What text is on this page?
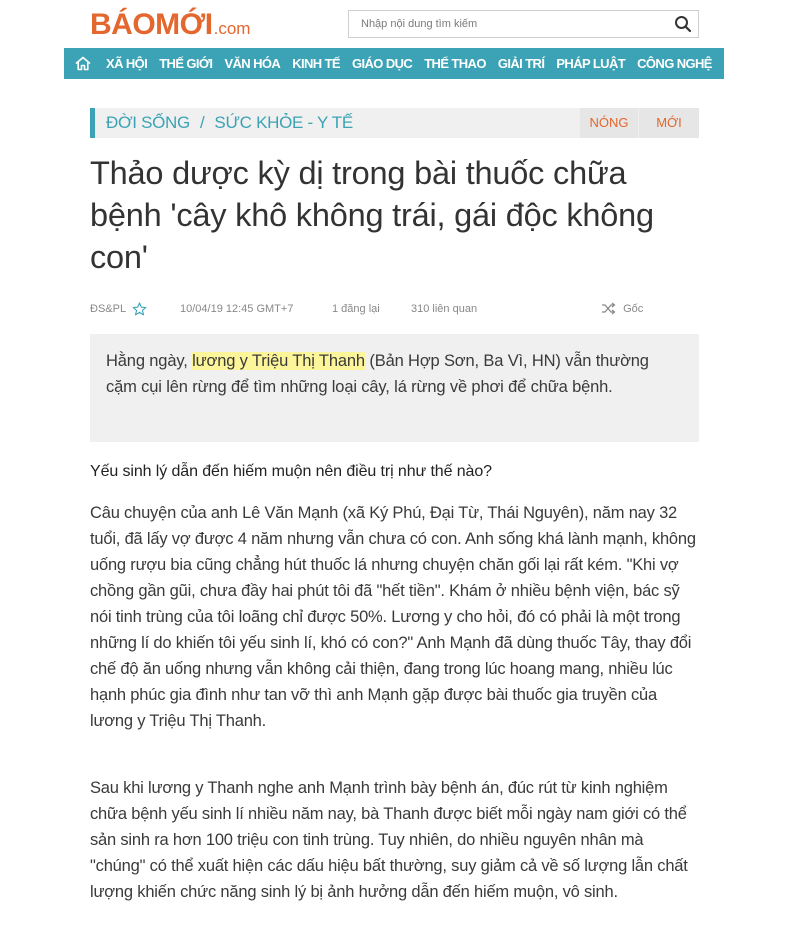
BÁOMỚI .com
Nhập nội dung tìm kiếm
XÃ HỘI THẾ GIỚI VĂN HÓA KINH TẾ GIÁO DỤC THỂ THAO GIẢI TRÍ PHÁP LUẬT CÔNG NGHỆ
ĐỜI SỐNG / SỨC KHỎE - Y TẾ	NÓNG	MỚI
Thảo dược kỳ dị trong bài thuốc chữa bệnh 'cây khô không trái, gái độc không con'
ĐS&PL	10/04/19 12:45 GMT+7	1 đăng lại	310 liên quan	Gốc
Hằng ngày, lương y Triệu Thị Thanh (Bản Hợp Sơn, Ba Vì, HN) vẫn thường cặm cụi lên rừng để tìm những loại cây, lá rừng về phơi để chữa bệnh.
Yếu sinh lý dẫn đến hiếm muộn nên điều trị như thế nào?

Câu chuyện của anh Lê Văn Mạnh (xã Ký Phú, Đại Từ, Thái Nguyên), năm nay 32 tuổi, đã lấy vợ được 4 năm nhưng vẫn chưa có con. Anh sống khá lành mạnh, không uống rượu bia cũng chẳng hút thuốc lá nhưng chuyện chăn gối lại rất kém. "Khi vợ chồng gần gũi, chưa đầy hai phút tôi đã "hết tiền". Khám ở nhiều bệnh viện, bác sỹ nói tinh trùng của tôi loãng chỉ được 50%. Lương y cho hỏi, đó có phải là một trong những lí do khiến tôi yếu sinh lí, khó có con?" Anh Mạnh đã dùng thuốc Tây, thay đổi chế độ ăn uống nhưng vẫn không cải thiện, đang trong lúc hoang mang, nhiều lúc hạnh phúc gia đình như tan vỡ thì anh Mạnh gặp được bài thuốc gia truyền của lương y Triệu Thị Thanh.

Sau khi lương y Thanh nghe anh Mạnh trình bày bệnh án, đúc rút từ kinh nghiệm chữa bệnh yếu sinh lí nhiều năm nay, bà Thanh được biết mỗi ngày nam giới có thể sản sinh ra hơn 100 triệu con tinh trùng. Tuy nhiên, do nhiều nguyên nhân mà "chúng" có thể xuất hiện các dấu hiệu bất thường, suy giảm cả về số lượng lẫn chất lượng khiến chức năng sinh lý bị ảnh hưởng dẫn đến hiếm muộn, vô sinh.
